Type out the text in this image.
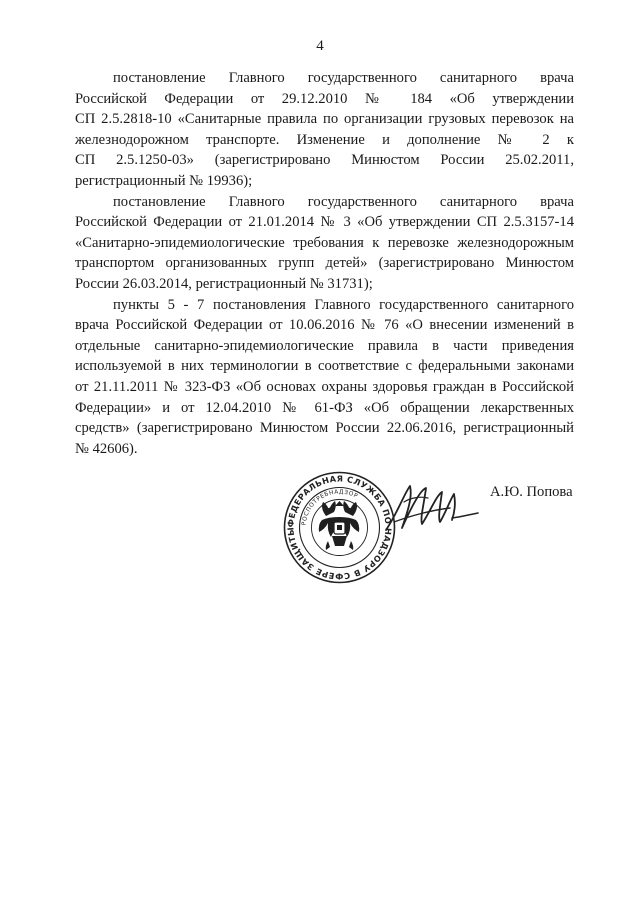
4

постановление Главного государственного санитарного врача
Российской Федерации от 29.12.2010 № 184 «Об утверждении
СП 2.5.2818-10 «Санитарные правила по организации грузовых перевозок на
железнодорожном транспорте. Изменение и дополнение № 2 к
СП 2.5.1250-03» (зарегистрировано Минюстом России 25.02.2011,
регистрационный № 19936);

постановление Главного государственного санитарного врача
Российской Федерации от 21.01.2014 № 3 «Об утверждении СП 2.5.3157-14
«Санитарно-эпидемиологические требования к перевозке железнодорожным
транспортом организованных групп детей» (зарегистрировано Минюстом
России 26.03.2014, регистрационный № 31731);

пункты 5 - 7 постановления Главного государственного санитарного
врача Российской Федерации от 10.06.2016 № 76 «О внесении изменений в
отдельные санитарно-эпидемиологические правила в части приведения
используемой в них терминологии в соответствие с федеральными законами
от 21.11.2011 № 323-ФЗ «Об основах охраны здоровья граждан в Российской
Федерации» и от 12.04.2010 № 61-ФЗ «Об обращении лекарственных
средств» (зарегистрировано Минюстом России 22.06.2016, регистрационный
№ 42606).

ФЕДЕРАЛЬНАЯ СЛУЖБА ПО НАДЗОРУ В СФЕРЕ ЗАЩИТЫ
РОСПОТРЕБНАДЗОР	А.Ю. Попова
